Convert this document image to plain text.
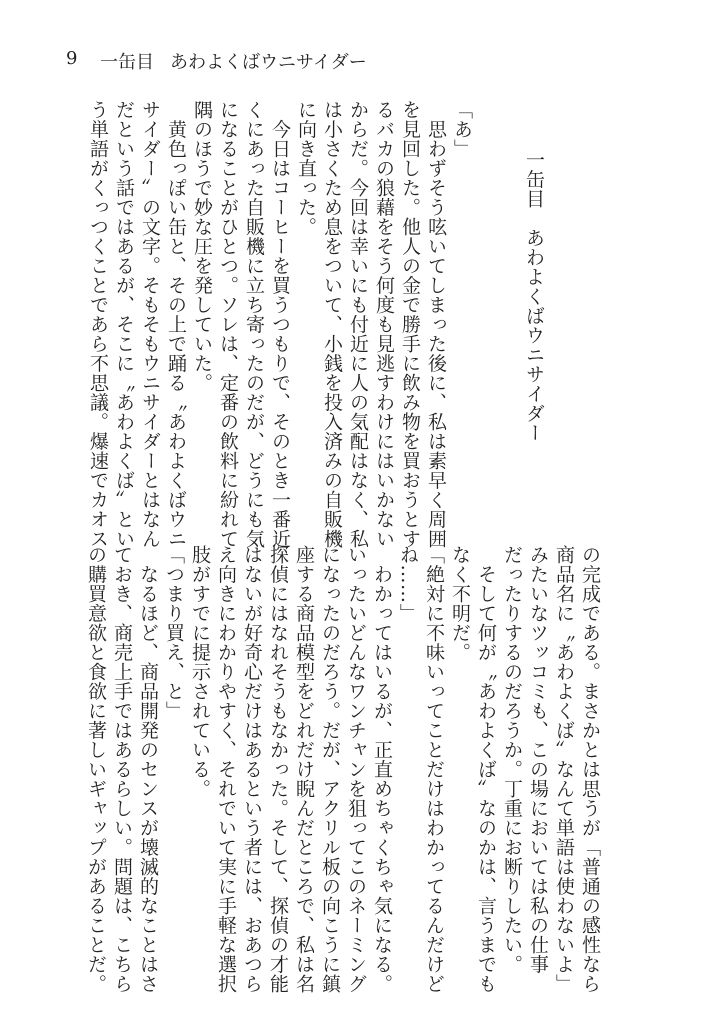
9	一缶目 あわよくばウニサイダー
一缶目　あわよくばウニサイダー

「あ」

　思わずそう呟いてしまった後に、私は素早く周囲

を見回した。他人の金で勝手に飲み物を買おうとす

るバカの狼藉をそう何度も見逃すわけにはいかない

からだ。今回は幸いにも付近に人の気配はなく、私

は小さくため息をついて、小銭を投入済みの自販機

に向き直った。

　今日はコーヒーを買うつもりで、そのとき一番近

くにあった自販機に立ち寄ったのだが、どうにも気

になることがひとつ。ソレは、定番の飲料に紛れて

隅のほうで妙な圧を発していた。

　黄色っぽい缶と、その上で踊る〝あわよくばウニ

サイダー〟の文字。そもそもウニサイダーとはなん

だという話ではあるが、そこに〝あわよくば〟とい

う単語がくっつくことであら不思議。爆速でカオス

の完成である。まさかとは思うが「普通の感性なら

商品名に〝あわよくば〟なんて単語は使わないよ」

みたいなツッコミも、この場においては私の仕事

だったりするのだろうか。丁重にお断りしたい。

　そして何が〝あわよくば〟なのかは、言うまでも

なく不明だ。

「絶対に不味いってことだけはわかってるんだけど

ね……」

　わかってはいるが、正直めちゃくちゃ気になる。

いったいどんなワンチャンを狙ってこのネーミング

になったのだろう。だが、アクリル板の向こうに鎮

座する商品模型をどれだけ睨んだところで、私は名

探偵にはなれそうもなかった。そして、探偵の才能

はないが好奇心だけはあるという者には、おあつら

え向きにわかりやすく、それでいて実に手軽な選択

肢がすでに提示されている。

「つまり買え、と」

　なるほど、商品開発のセンスが壊滅的なことはさ

ておき、商売上手ではあるらしい。問題は、こちら

の購買意欲と食欲に著しいギャップがあることだ。
